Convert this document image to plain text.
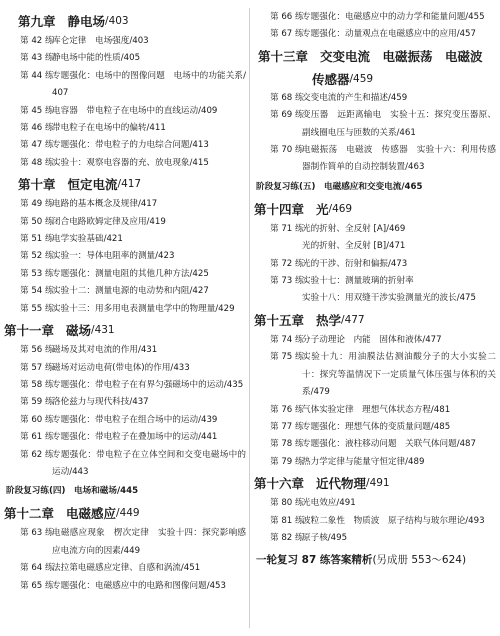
第九章 静电场 /403
第 42 练
库仑定律　电场强度/403
第 43 练
静电场中能的性质/405
第 44 练
专题强化：电场中的图像问题　电场中的功能关系/407
第 45 练
电容器　带电粒子在电场中的直线运动/409
第 46 练
带电粒子在电场中的偏转/411
第 47 练
专题强化：带电粒子的力电综合问题/413
第 48 练
实验十：观察电容器的充、放电现象/415
第十章 恒定电流 /417
第 49 练
电路的基本概念及规律/417
第 50 练
闭合电路欧姆定律及应用/419
第 51 练
电学实验基础/421
第 52 练
实验一：导体电阻率的测量/423
第 53 练
专题强化：测量电阻的其他几种方法/425
第 54 练
实验十二：测量电源的电动势和内阻/427
第 55 练
实验十三：用多用电表测量电学中的物理量/429
第十一章 磁场 /431
第 56 练
磁场及其对电流的作用/431
第 57 练
磁场对运动电荷(带电体)的作用/433
第 58 练
专题强化：带电粒子在有界匀强磁场中的运动/435
第 59 练
洛伦兹力与现代科技/437
第 60 练
专题强化：带电粒子在组合场中的运动/439
第 61 练
专题强化：带电粒子在叠加场中的运动/441
第 62 练
专题强化：带电粒子在立体空间和交变电磁场中的运动/443
阶段复习练(四)　电场和磁场/445
第十二章 电磁感应 /449
第 63 练
电磁感应现象　楞次定律　实验十四：探究影响感应电流方向的因素/449
第 64 练
法拉第电磁感应定律、自感和涡流/451
第 65 练
专题强化：电磁感应中的电路和图像问题/453
第 66 练
专题强化：电磁感应中的动力学和能量问题/455
第 67 练
专题强化：动量观点在电磁感应中的应用/457
第十三章 交变电流　电磁振荡　电磁波
传感器 /459
第 68 练
交变电流的产生和描述/459
第 69 练
变压器　远距离输电　实验十五：探究变压器原、副线圈电压与匝数的关系/461
第 70 练
电磁振荡　电磁波　传感器　实验十六：利用传感器制作简单的自动控制装置/463
阶段复习练(五)　电磁感应和交变电流/465
第十四章 光 /469
第 71 练
光的折射、全反射 [A]/469
光的折射、全反射 [B]/471
第 72 练
光的干涉、衍射和偏振/473
第 73 练
实验十七：测量玻璃的折射率
实验十八：用双缝干涉实验测量光的波长/475
第十五章 热学 /477
第 74 练
分子动理论　内能　固体和液体/477
第 75 练
实验十九：用油膜法估测油酸分子的大小实验二十：探究等温情况下一定质量气体压强与体积的关系/479
第 76 练
气体实验定律　理想气体状态方程/481
第 77 练
专题强化：理想气体的变质量问题/485
第 78 练
专题强化：液柱移动问题　关联气体问题/487
第 79 练
热力学定律与能量守恒定律/489
第十六章 近代物理 /491
第 80 练
光电效应/491
第 81 练
波粒二象性　物质波　原子结构与玻尔理论/493
第 82 练
原子核/495
一轮复习 87 练答案精析(另成册 553～624)
